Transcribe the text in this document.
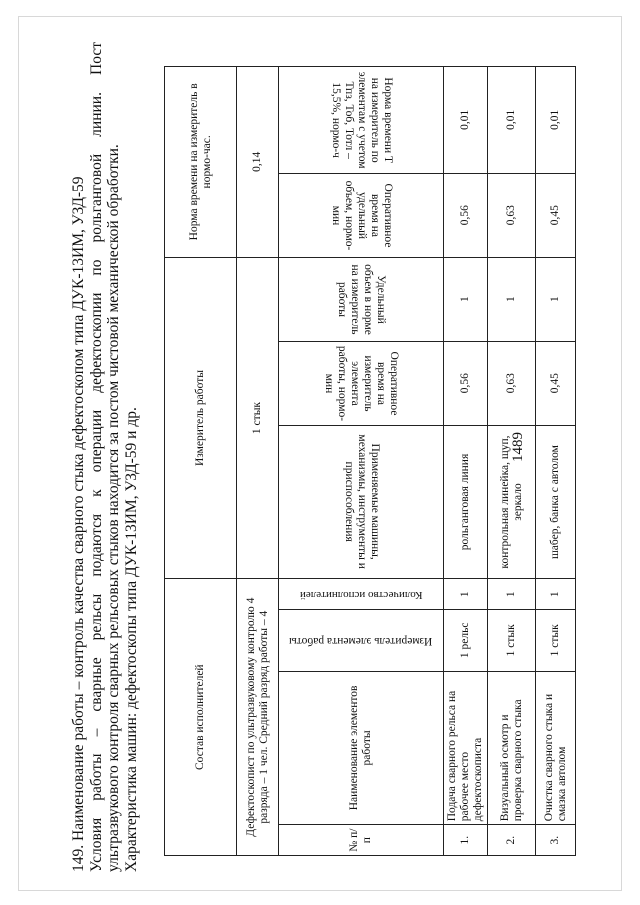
1489

149. Наименование работы – контроль качества сварного стыка дефектоскопом типа ДУК-13ИМ, УЗД-59 Условия работы – сварные рельсы подаются к операции дефектоскопии по рольганговой линии. Пост ультразвукового контроля сварных рельсовых стыков находится за постом чистовой механической обработки. Характеристика машин: дефектоскопы типа ДУК-13ИМ, УЗД-59 и др.	Состав исполнителей				Измеритель работы			Норма времени на измеритель в нормо-час.	
Дефектоскопист по ультразвуковому контролю 4 разряда – 1 чел. Средний разряд работы – 4				1 стык			0,14	
№ п/п	Наименование элементов работы	Измеритель элемента работы	Количество исполнителей	Применяемые машины, механизмы, инструменты и приспособления	Оперативное время на измеритель элемента работы, нормо-мин	Удельный объем в норме на измеритель работы	Оперативное время на удельный объем, нормо-мин	Норма времени Т на измеритель по элементам с учетом Тпз, Тоб, Тотл – 15,5%, нормо-ч
1.	Подача сварного рельса на рабочее место дефектоскописта	1 рельс	1	рольганговая линия	0,56	1	0,56	0,01
2.	Визуальный осмотр и проверка сварного стыка	1 стык	1	контрольная линейка, щуп, зеркало	0,63	1	0,63	0,01
3.	Очистка сварного стыка и смазка автолом	1 стык	1	шабер, банка с автолом	0,45	1	0,45	0,01
